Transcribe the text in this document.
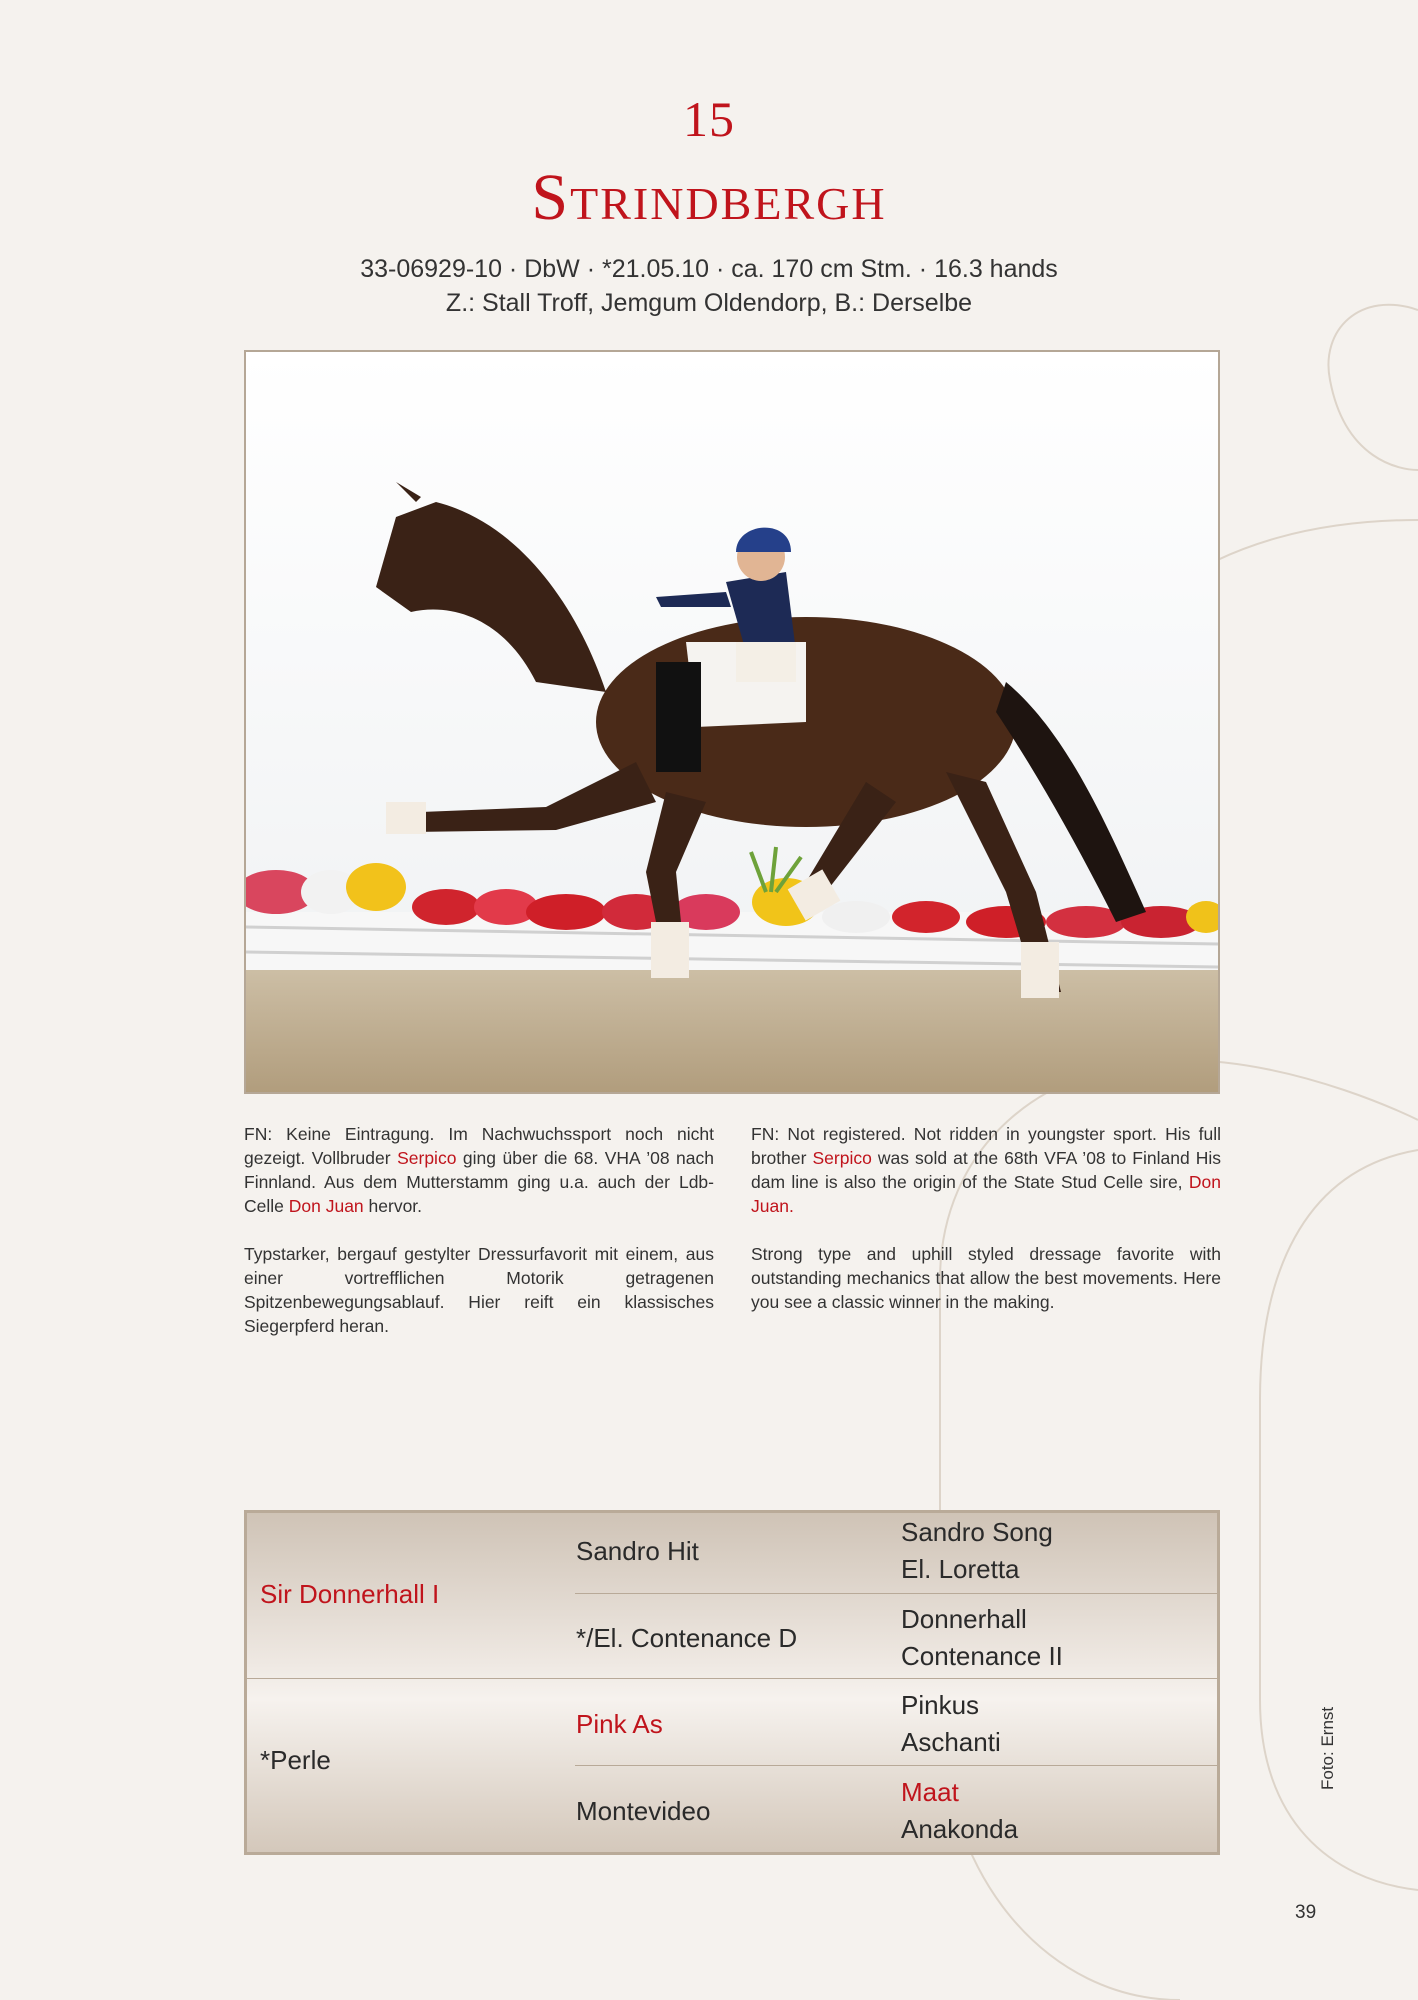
15
Strindbergh
33-06929-10 · DbW · *21.05.10 · ca. 170 cm Stm. · 16.3 hands
Z.: Stall Troff, Jemgum Oldendorp, B.: Derselbe

FN: Keine Eintragung. Im Nachwuchssport noch nicht gezeigt. Vollbruder Serpico ging über die 68. VHA ’08 nach Finnland. Aus dem Mutterstamm ging u.a. auch der Ldb-Celle Don Juan hervor.

Typstarker, bergauf gestylter Dressurfavorit mit einem, aus einer vortrefflichen Motorik getragenen Spitzenbewegungsablauf. Hier reift ein klassisches Siegerpferd heran.

FN: Not registered. Not ridden in youngster sport. His full brother Serpico was sold at the 68th VFA ’08 to Finland His dam line is also the origin of the State Stud Celle sire, Don Juan.

Strong type and uphill styled dressage favorite with outstanding mechanics that allow the best movements. Here you see a classic winner in the making.

Sir Donnerhall I
*Perle
Sandro Hit
*/El. Contenance D
Pink As
Montevideo
Sandro Song
El. Loretta
Donnerhall
Contenance II
Pinkus
Aschanti
Maat
Anakonda
Foto: Ernst
39
